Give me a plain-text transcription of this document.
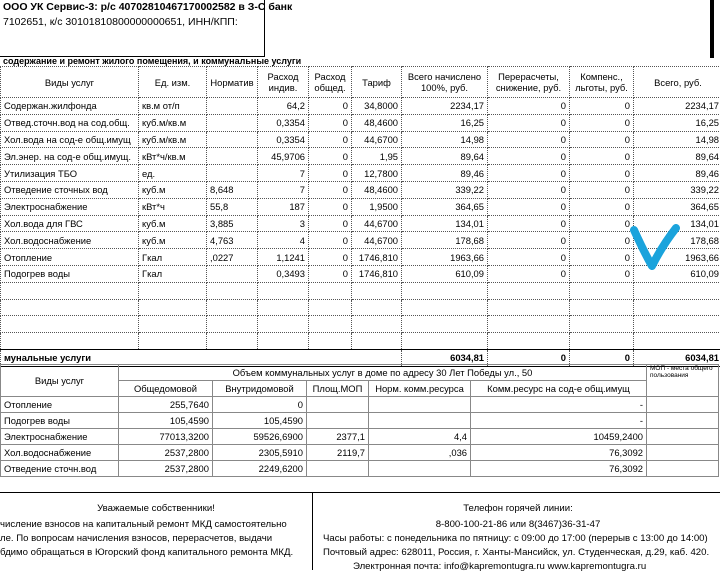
ООО УК Сервис-3: р/с 40702810467170002582 в З-С банк
7102651, к/с 30101810800000000651, ИНН/КПП:
содержание и ремонт жилого помещения, и коммунальные услуги
Виды услуг	Ед. изм.	Норматив	Расход индив.	Расход общед.	Тариф	Всего начислено 100%, руб.	Перерасчеты, снижение, руб.	Компенс., льготы, руб.	Всего, руб.
Содержан.жилфонда	кв.м от/п		64,2	0	34,8000	2234,17	0	0	2234,17
Отвед.сточн.вод на сод.общ.	куб.м/кв.м		0,3354	0	48,4600	16,25	0	0	16,25
Хол.вода на сод-е общ.имущ	куб.м/кв.м		0,3354	0	44,6700	14,98	0	0	14,98
Эл.энер. на сод-е общ.имущ.	кВт*ч/кв.м		45,9706	0	1,95	89,64	0	0	89,64
Утилизация ТБО	ед.		7	0	12,7800	89,46	0	0	89,46
Отведение сточных вод	куб.м	8,648	7	0	48,4600	339,22	0	0	339,22
Электроснабжение	кВт*ч	55,8	187	0	1,9500	364,65	0	0	364,65
Хол.вода для ГВС	куб.м	3,885	3	0	44,6700	134,01	0	0	134,01
Хол.водоснабжение	куб.м	4,763	4	0	44,6700	178,68	0	0	178,68
Отопление	Гкал	,0227	1,1241	0	1746,810	1963,66	0	0	1963,66
Подогрев воды	Гкал		0,3493	0	1746,810	610,09	0	0	610,09

мунальные услуги						6034,81	0	0	6034,81
Виды услуг	Объем коммунальных услуг в доме по адресу 30 Лет Победы ул., 50					МОП - места общего пользования
	Общедомовой	Внутридомовой	Площ.МОП	Норм. комм.ресурса	Комм.ресурс на сод-е общ.имущ	
Отопление	255,7640	0			-	
Подогрев воды	105,4590	105,4590			-	
Электроснабжение	77013,3200	59526,6900	2377,1	4,4	10459,2400	
Хол.водоснабжение	2537,2800	2305,5910	2119,7	,036	76,3092	
Отведение сточн.вод	2537,2800	2249,6200			76,3092	
Уважаемые собственники!
числение взносов на капитальный ремонт МКД самостоятельно
ле. По вопросам начисления взносов, перерасчетов, выдачи
бдимо обращаться в Югорский фонд капитального ремонта МКД.
Телефон горячей линии:
8-800-100-21-86 или 8(3467)36-31-47
Часы работы: с понедельника по пятницу: с 09:00 до 17:00 (перерыв с 13:00 до 14:00)
Почтовый адрес: 628011, Россия, г. Ханты-Мансийск, ул. Студенческая, д.29, каб. 420.
Электронная почта: info@kapremontugra.ru www.kapremontugra.ru
